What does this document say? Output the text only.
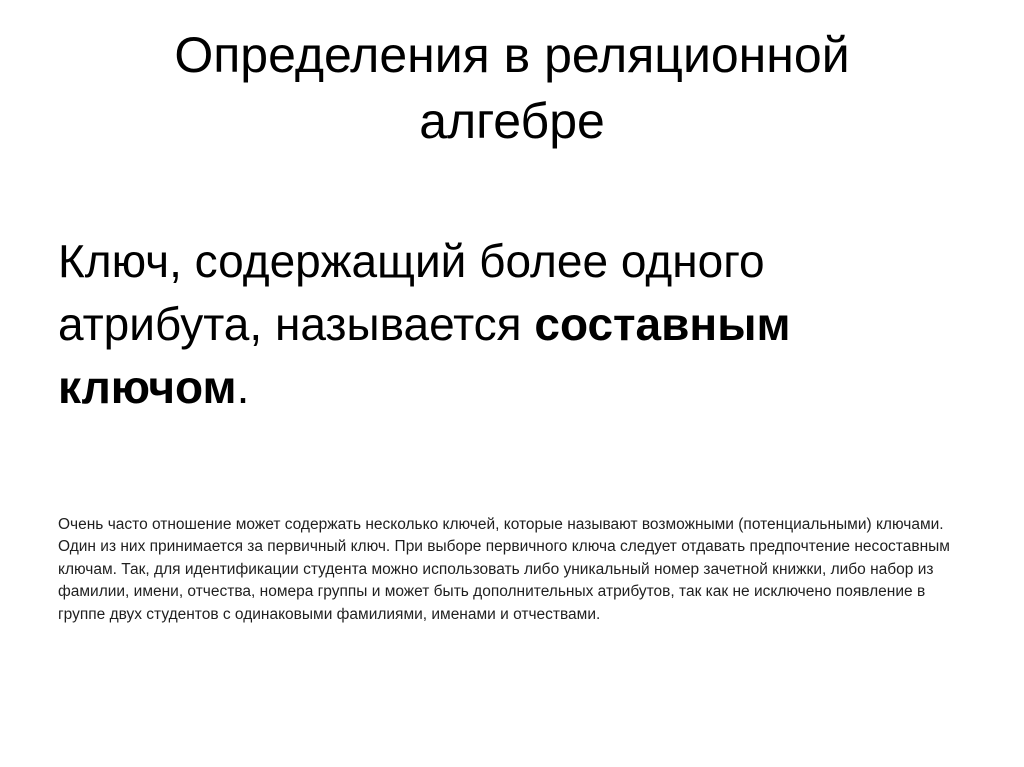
Определения в реляционной алгебре

Ключ, содержащий более одного атрибута, называется составным ключом.

Очень часто отношение может содержать несколько ключей, которые называют возможными (потенциальными) ключами. Один из них принимается за первичный ключ. При выборе первичного ключа следует отдавать предпочтение несоставным ключам. Так, для идентификации студента можно использовать либо уникальный номер зачетной книжки, либо набор из фамилии, имени, отчества, номера группы и может быть дополнительных атрибутов, так как не исключено появление в группе двух студентов с одинаковыми фамилиями, именами и отчествами.
